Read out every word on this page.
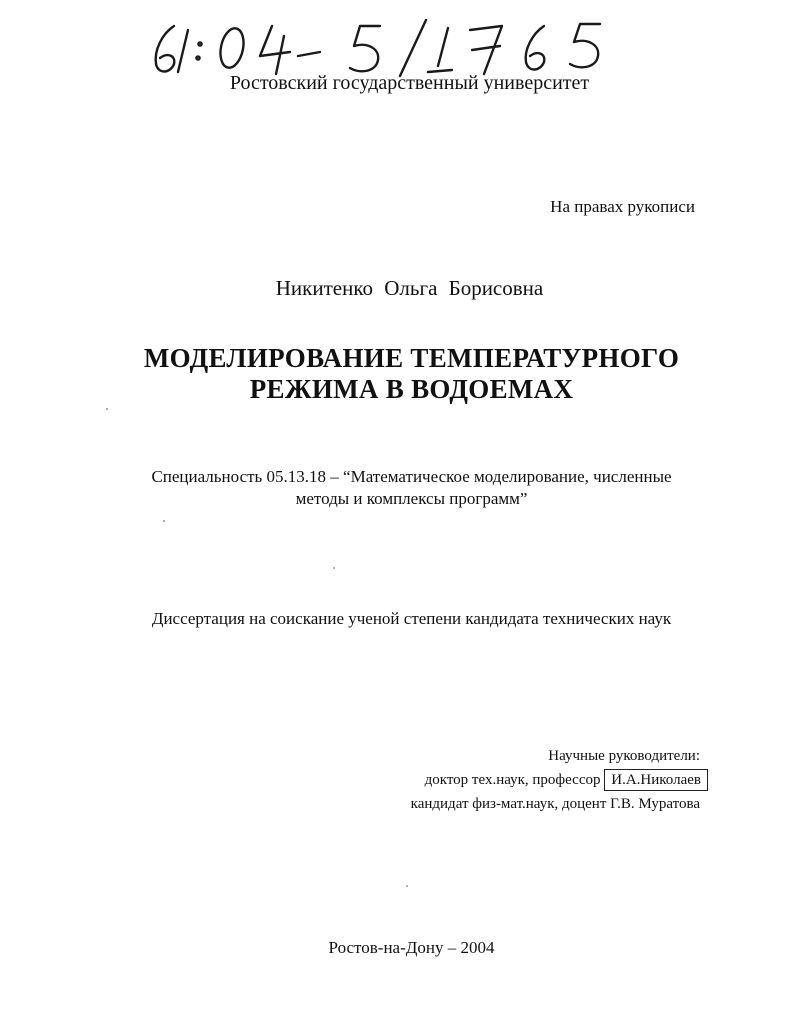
Ростовский государственный университет
На правах рукописи
Никитенко Ольга Борисовна
МОДЕЛИРОВАНИЕ ТЕМПЕРАТУРНОГО
РЕЖИМА В ВОДОЕМАХ
Специальность 05.13.18 – “Математическое моделирование, численные
методы и комплексы программ”
Диссертация на соискание ученой степени кандидата технических наук
Научные руководители:
доктор тех.наук, профессор И.А.Николаев
кандидат физ-мат.наук, доцент Г.В. Муратова
Ростов-на-Дону – 2004
